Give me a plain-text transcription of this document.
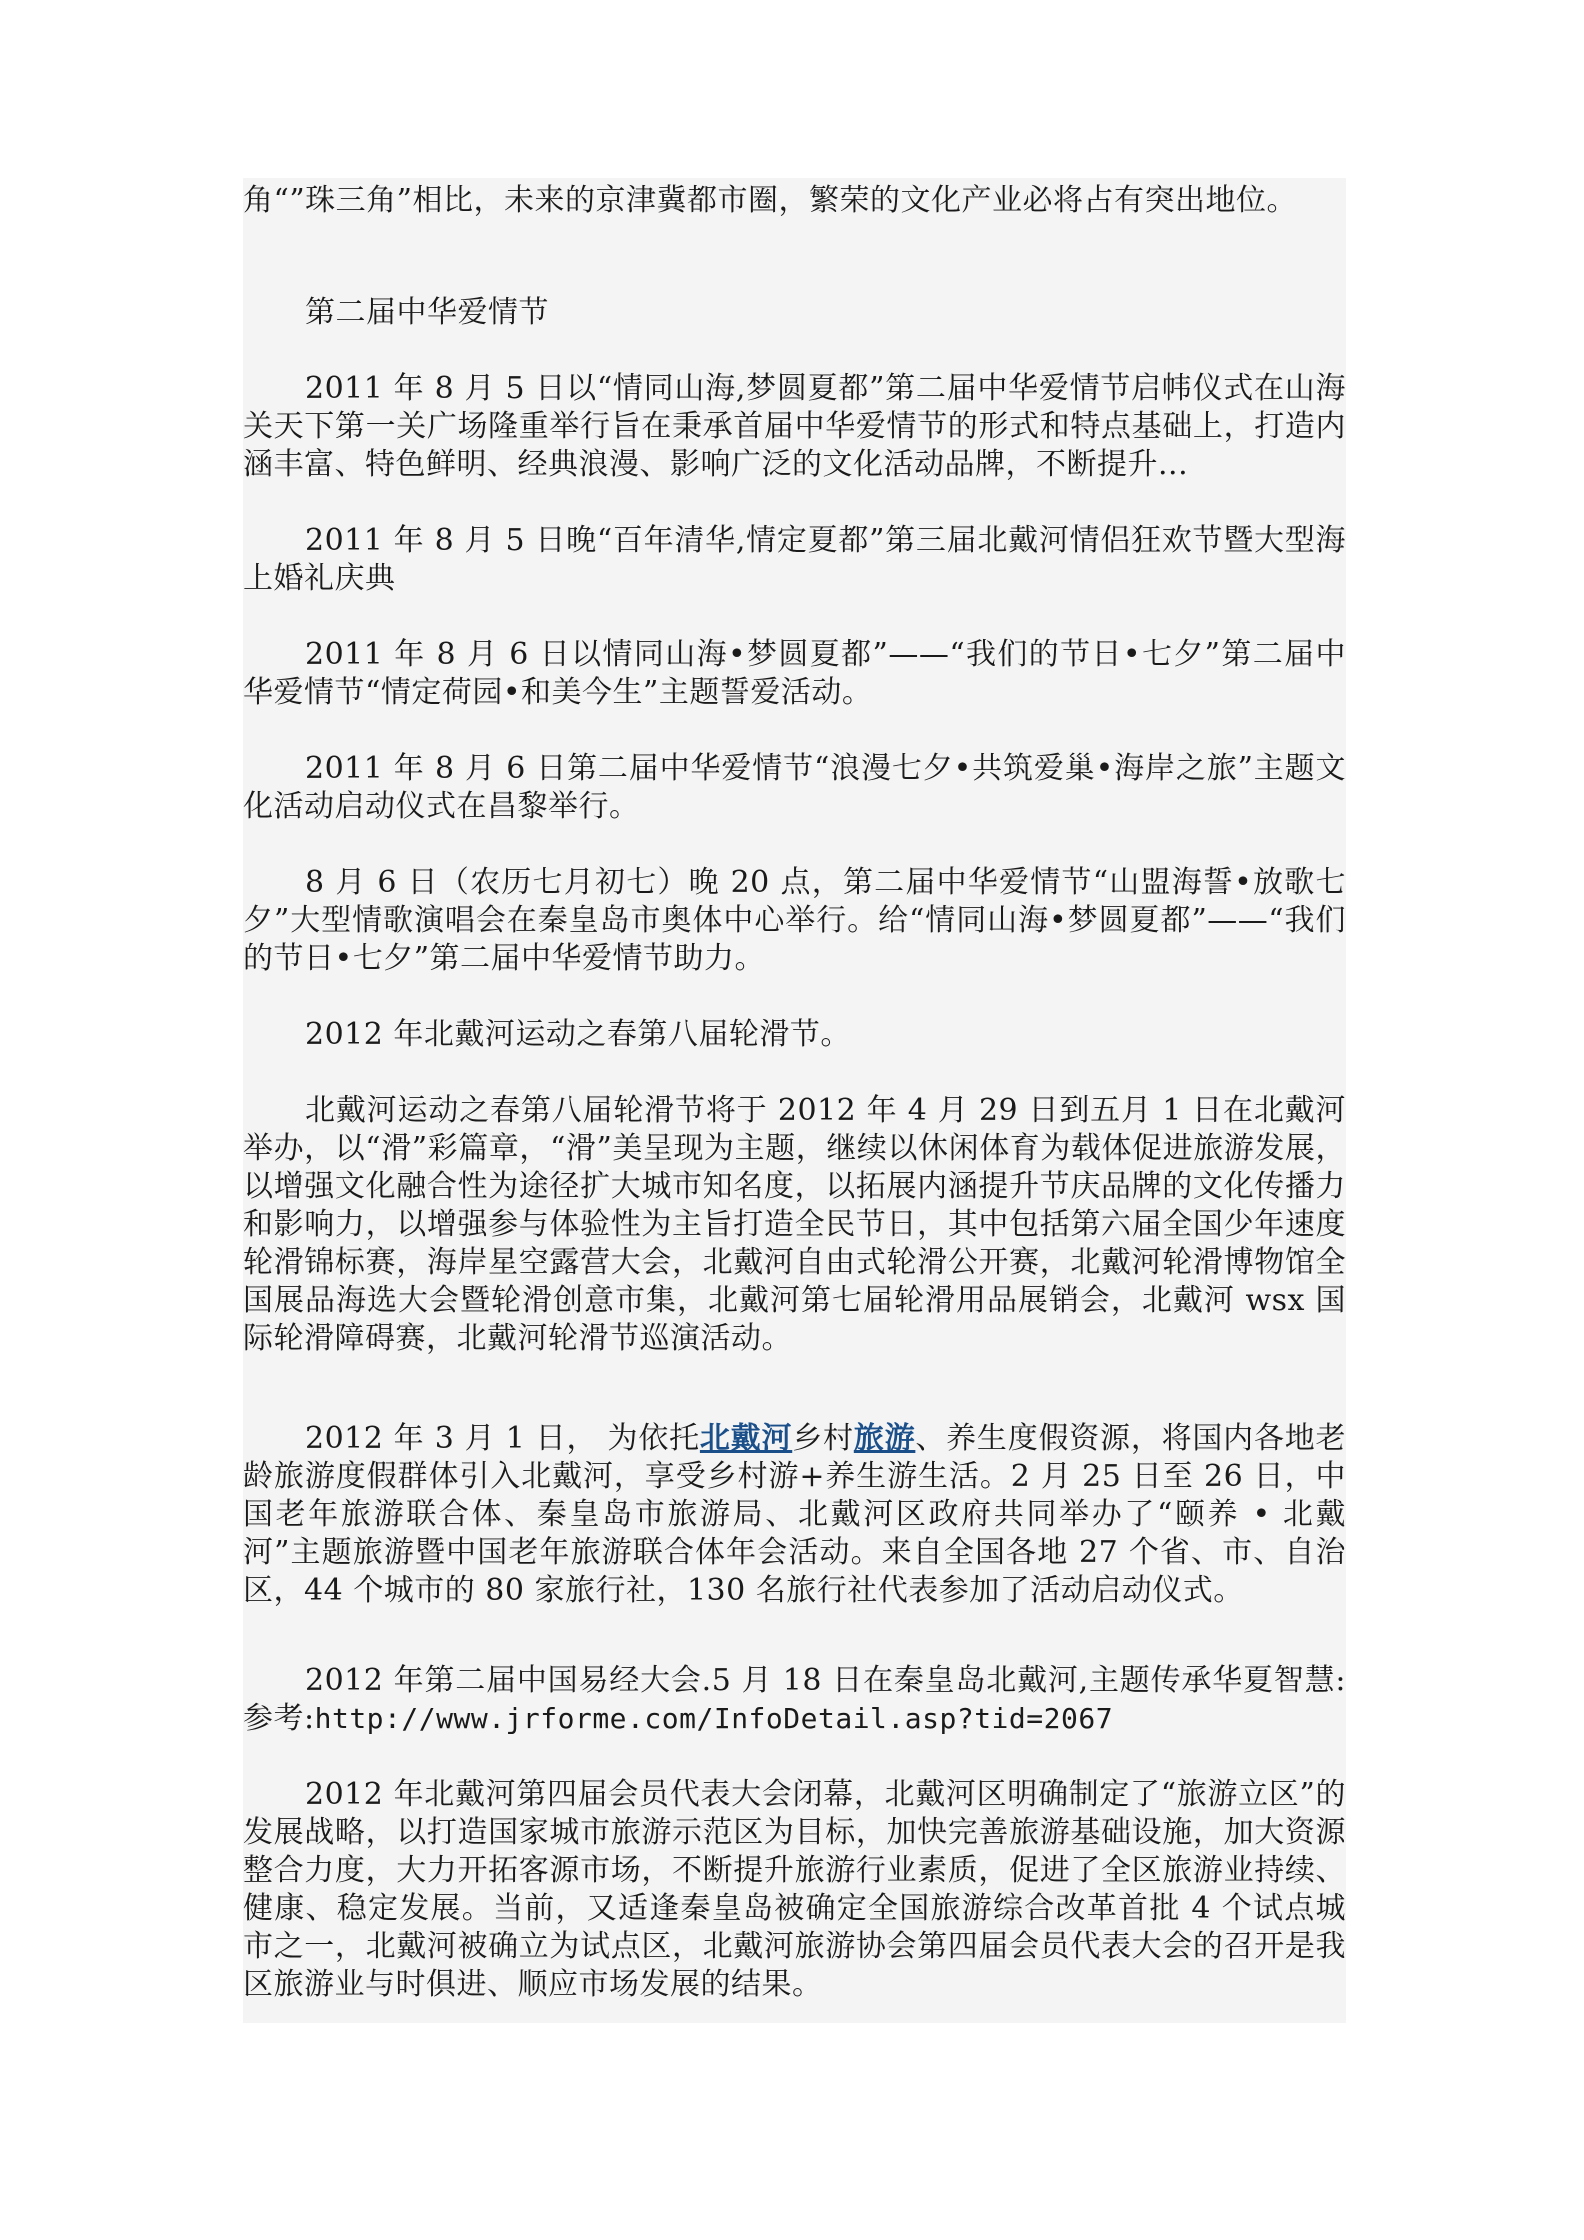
角“”珠三角”相比，未来的京津冀都市圈，繁荣的文化产业必将占有突出地位。

第二届中华爱情节

2011 年 8 月 5 日以“情同山海,梦圆夏都”第二届中华爱情节启帏仪式在山海关天下第一关广场隆重举行旨在秉承首届中华爱情节的形式和特点基础上，打造内涵丰富、特色鲜明、经典浪漫、影响广泛的文化活动品牌，不断提升...

2011 年 8 月 5 日晚“百年清华,情定夏都”第三届北戴河情侣狂欢节暨大型海上婚礼庆典

2011 年 8 月 6 日以情同山海•梦圆夏都”——“我们的节日•七夕”第二届中华爱情节“情定荷园•和美今生”主题誓爱活动。

2011 年 8 月 6 日第二届中华爱情节“浪漫七夕•共筑爱巢•海岸之旅”主题文化活动启动仪式在昌黎举行。

8 月 6 日（农历七月初七）晚 20 点，第二届中华爱情节“山盟海誓•放歌七夕”大型情歌演唱会在秦皇岛市奥体中心举行。给“情同山海•梦圆夏都”——“我们的节日•七夕”第二届中华爱情节助力。

2012 年北戴河运动之春第八届轮滑节。

北戴河运动之春第八届轮滑节将于 2012 年 4 月 29 日到五月 1 日在北戴河举办，以“滑”彩篇章，“滑”美呈现为主题，继续以休闲体育为载体促进旅游发展，以增强文化融合性为途径扩大城市知名度，以拓展内涵提升节庆品牌的文化传播力和影响力，以增强参与体验性为主旨打造全民节日，其中包括第六届全国少年速度轮滑锦标赛，海岸星空露营大会，北戴河自由式轮滑公开赛，北戴河轮滑博物馆全国展品海选大会暨轮滑创意市集，北戴河第七届轮滑用品展销会，北戴河 wsx 国际轮滑障碍赛，北戴河轮滑节巡演活动。

2012 年 3 月 1 日， 为依托北戴河乡村旅游、养生度假资源，将国内各地老龄旅游度假群体引入北戴河，享受乡村游+养生游生活。2 月 25 日至 26 日，中国老年旅游联合体、秦皇岛市旅游局、北戴河区政府共同举办了“颐养 • 北戴河”主题旅游暨中国老年旅游联合体年会活动。来自全国各地 27 个省、市、自治区，44 个城市的 80 家旅行社，130 名旅行社代表参加了活动启动仪式。

2012 年第二届中国易经大会.5 月 18 日在秦皇岛北戴河,主题传承华夏智慧:参考:http://www.jrforme.com/InfoDetail.asp?tid=2067

2012 年北戴河第四届会员代表大会闭幕，北戴河区明确制定了“旅游立区”的发展战略，以打造国家城市旅游示范区为目标，加快完善旅游基础设施，加大资源整合力度，大力开拓客源市场，不断提升旅游行业素质，促进了全区旅游业持续、健康、稳定发展。当前，又适逢秦皇岛被确定全国旅游综合改革首批 4 个试点城市之一，北戴河被确立为试点区，北戴河旅游协会第四届会员代表大会的召开是我区旅游业与时俱进、顺应市场发展的结果。
